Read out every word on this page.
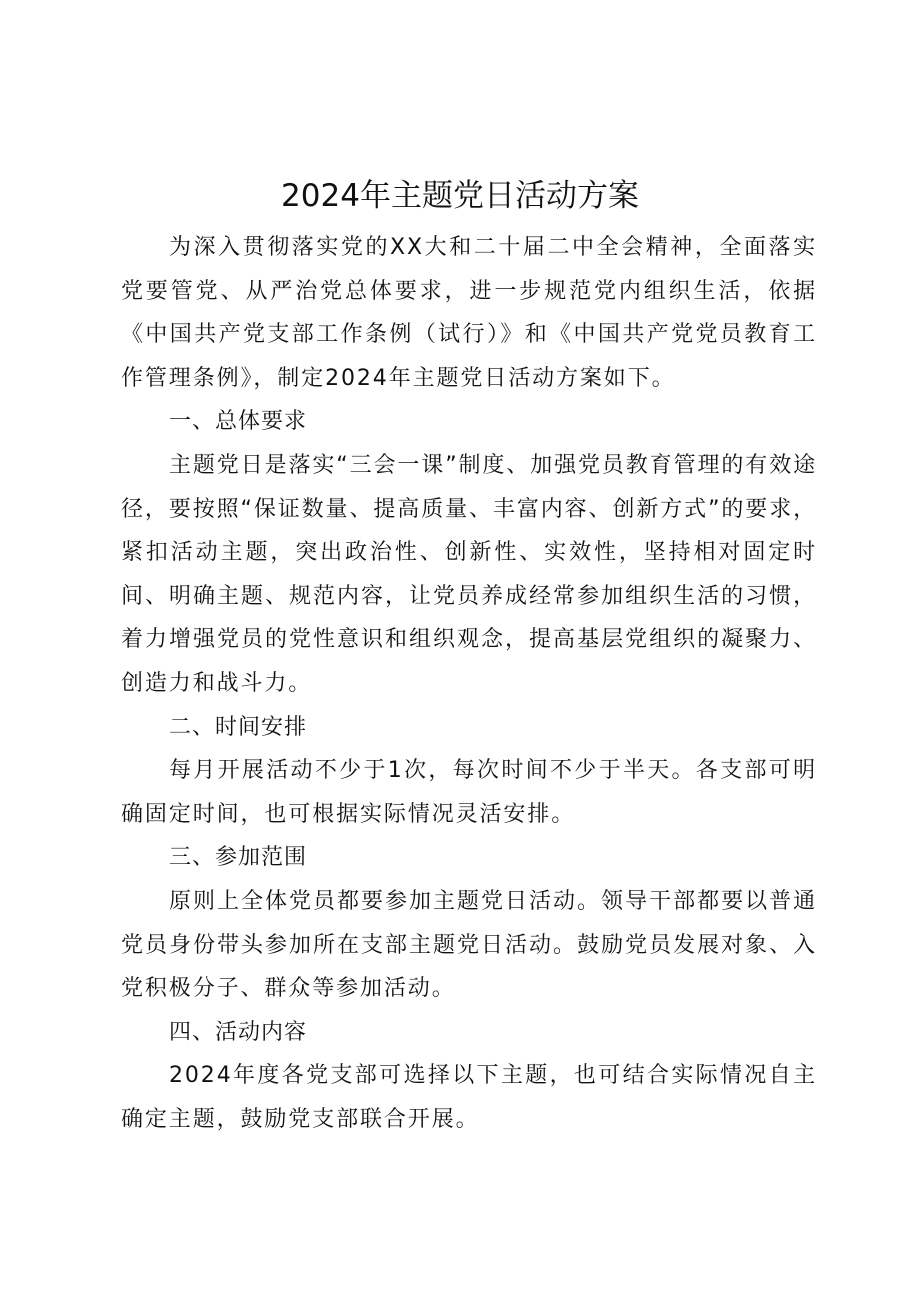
2024年主题党日活动方案

为深入贯彻落实党的XX大和二十届二中全会精神，全面落实党要管党、从严治党总体要求，进一步规范党内组织生活，依据《中国共产党支部工作条例（试行）》和《中国共产党党员教育工作管理条例》，制定2024年主题党日活动方案如下。

一、总体要求

主题党日是落实“三会一课”制度、加强党员教育管理的有效途径，要按照“保证数量、提高质量、丰富内容、创新方式”的要求，紧扣活动主题，突出政治性、创新性、实效性，坚持相对固定时间、明确主题、规范内容，让党员养成经常参加组织生活的习惯，着力增强党员的党性意识和组织观念，提高基层党组织的凝聚力、创造力和战斗力。

二、时间安排

每月开展活动不少于1次，每次时间不少于半天。各支部可明确固定时间，也可根据实际情况灵活安排。

三、参加范围

原则上全体党员都要参加主题党日活动。领导干部都要以普通党员身份带头参加所在支部主题党日活动。鼓励党员发展对象、入党积极分子、群众等参加活动。

四、活动内容

2024年度各党支部可选择以下主题，也可结合实际情况自主确定主题，鼓励党支部联合开展。
